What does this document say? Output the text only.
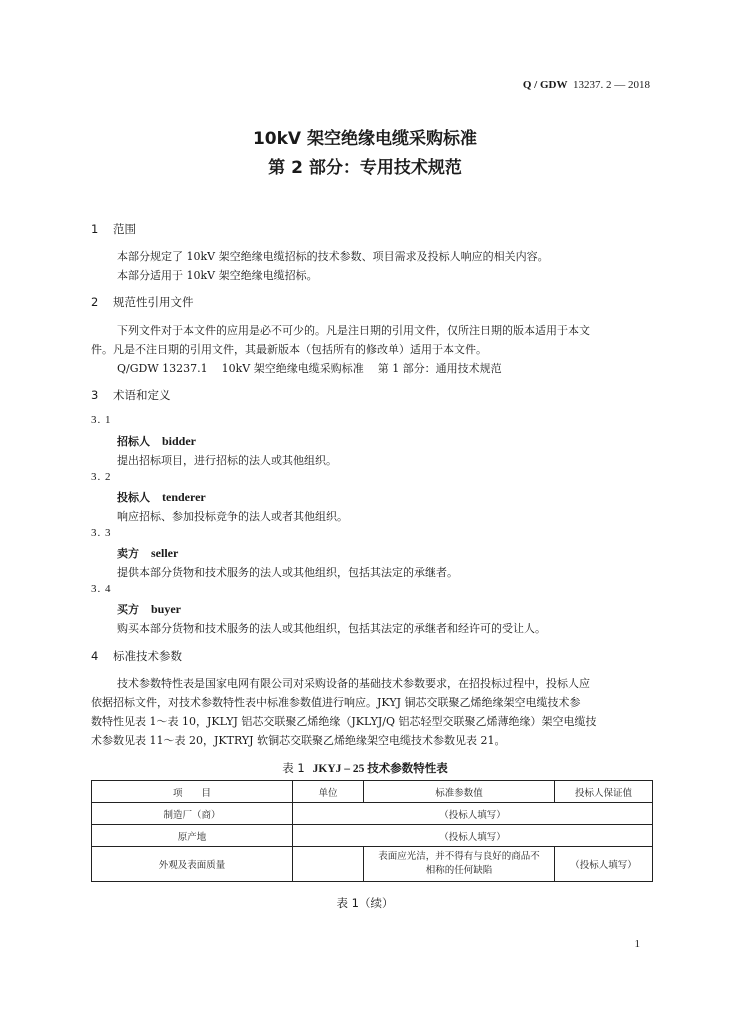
Q / GDW 13237. 2 — 2018
10kV 架空绝缘电缆采购标准
第 2 部分：专用技术规范
1 范围
本部分规定了 10kV 架空绝缘电缆招标的技术参数、项目需求及投标人响应的相关内容。
本部分适用于 10kV 架空绝缘电缆招标。
2 规范性引用文件
下列文件对于本文件的应用是必不可少的。凡是注日期的引用文件，仅所注日期的版本适用于本文
件。凡是不注日期的引用文件，其最新版本（包括所有的修改单）适用于本文件。
Q/GDW 13237.1    10kV 架空绝缘电缆采购标准    第 1 部分：通用技术规范
3 术语和定义
3. 1
招标人 bidder
提出招标项目，进行招标的法人或其他组织。
3. 2
投标人 tenderer
响应招标、参加投标竞争的法人或者其他组织。
3. 3
卖方 seller
提供本部分货物和技术服务的法人或其他组织，包括其法定的承继者。
3. 4
买方 buyer
购买本部分货物和技术服务的法人或其他组织，包括其法定的承继者和经许可的受让人。
4 标准技术参数
技术参数特性表是国家电网有限公司对采购设备的基础技术参数要求，在招投标过程中，投标人应
依据招标文件，对技术参数特性表中标准参数值进行响应。JKYJ 铜芯交联聚乙烯绝缘架空电缆技术参
数特性见表 1～表 10，JKLYJ 铝芯交联聚乙烯绝缘（JKLYJ/Q 铝芯轻型交联聚乙烯薄绝缘）架空电缆技
术参数见表 11～表 20，JKTRYJ 软铜芯交联聚乙烯绝缘架空电缆技术参数见表 21。
表 1 JKYJ – 25 技术参数特性表
项　　目	单位	标准参数值	投标人保证值
制造厂（商）	（投标人填写）		
原产地	（投标人填写）		
外观及表面质量		表面应光洁，并不得有与良好的商品不
相称的任何缺陷	（投标人填写）
表 1（续）
1
